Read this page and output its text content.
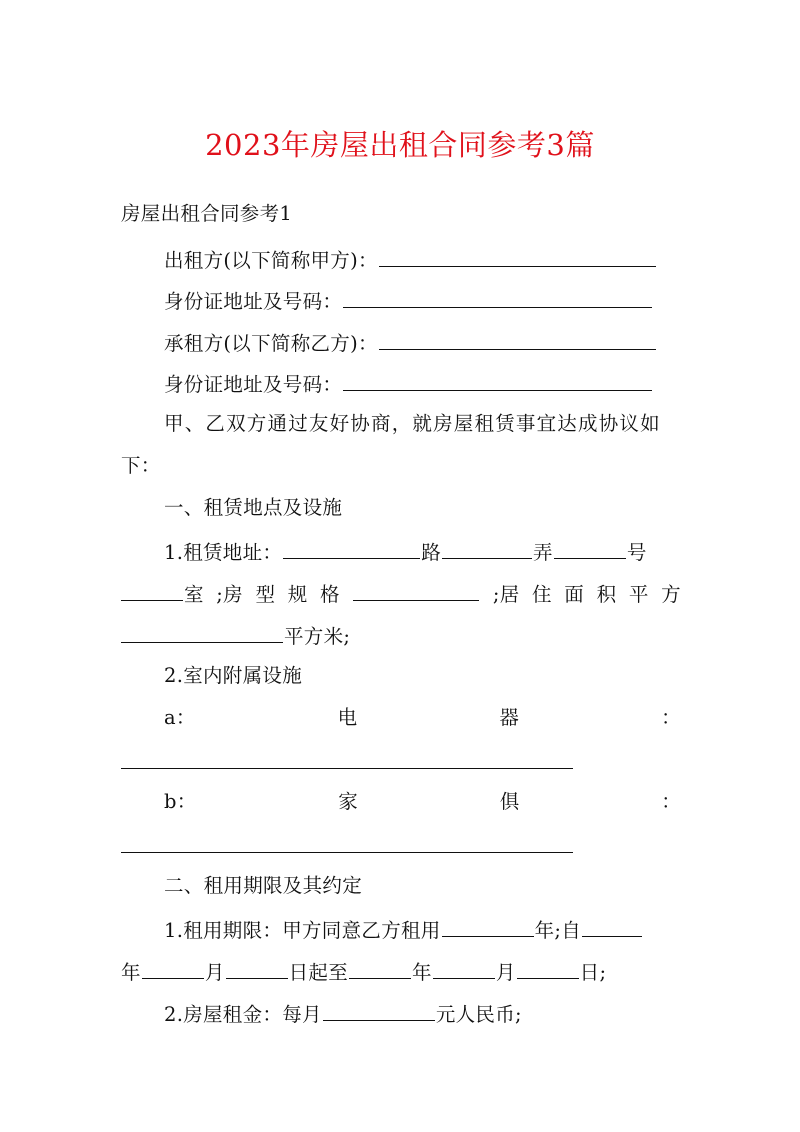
2023年房屋出租合同参考3篇
房屋出租合同参考1
出租方(以下简称甲方)：
身份证地址及号码：
承租方(以下简称乙方)：
身份证地址及号码：
甲、乙双方通过友好协商，就房屋租赁事宜达成协议如
下：
一、租赁地点及设施
1.租赁地址：	路	弄	号
室 ;房 型 规 格	;居 住 面 积 平 方
平方米;
2.室内附属设施
a：	电	器	：
b：	家	俱	：
二、租用期限及其约定
1.租用期限：甲方同意乙方租用	年;自
年	月	日起至	年	月	日;
2.房屋租金：每月	元人民币;
